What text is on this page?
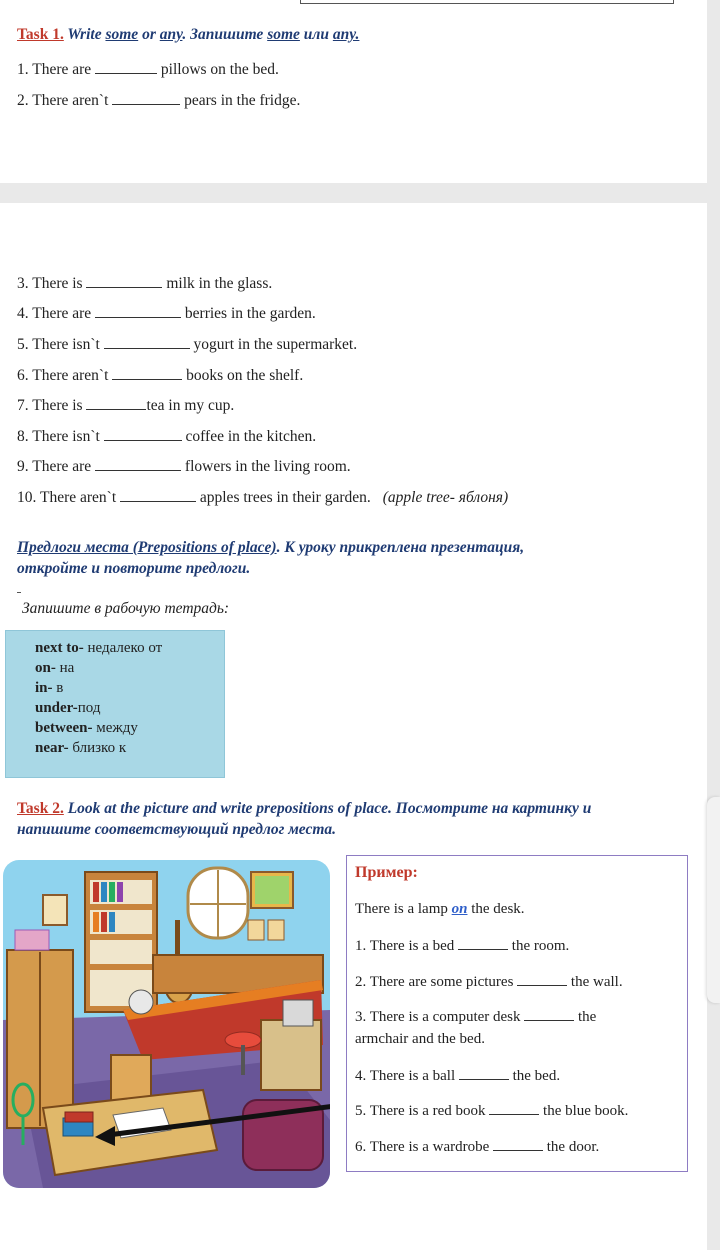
Task 1. Write some or any. Запишите some или any.
1. There are	pillows on the bed.
2. There aren`t	pears in the fridge.
3. There is	milk in the glass.
4. There are	berries in the garden.
5. There isn`t	yogurt in the supermarket.
6. There aren`t	books on the shelf.
7. There is	tea in my cup.
8. There isn`t	coffee in the kitchen.
9. There are	flowers in the living room.
10. There aren`t	apples trees in their garden. (apple tree- яблоня)
Предлоги места (Prepositions of place). К уроку прикреплена презентация,
откройте и повторите предлоги.
Запишите в рабочую тетрадь:
next to- недалеко от
on- на
in- в
under-под
between- между
near- близко к
Task 2. Look at the picture and write prepositions of place. Посмотрите на картинку и
напишите соответствующий предлог места.
Пример:
There is a lamp on the desk.
1. There is a bed	the room.
2. There are some pictures	the wall.
3. There is a computer desk	the
armchair and the bed.
4. There is a ball	the bed.
5. There is a red book	the blue book.
6. There is a wardrobe	the door.
